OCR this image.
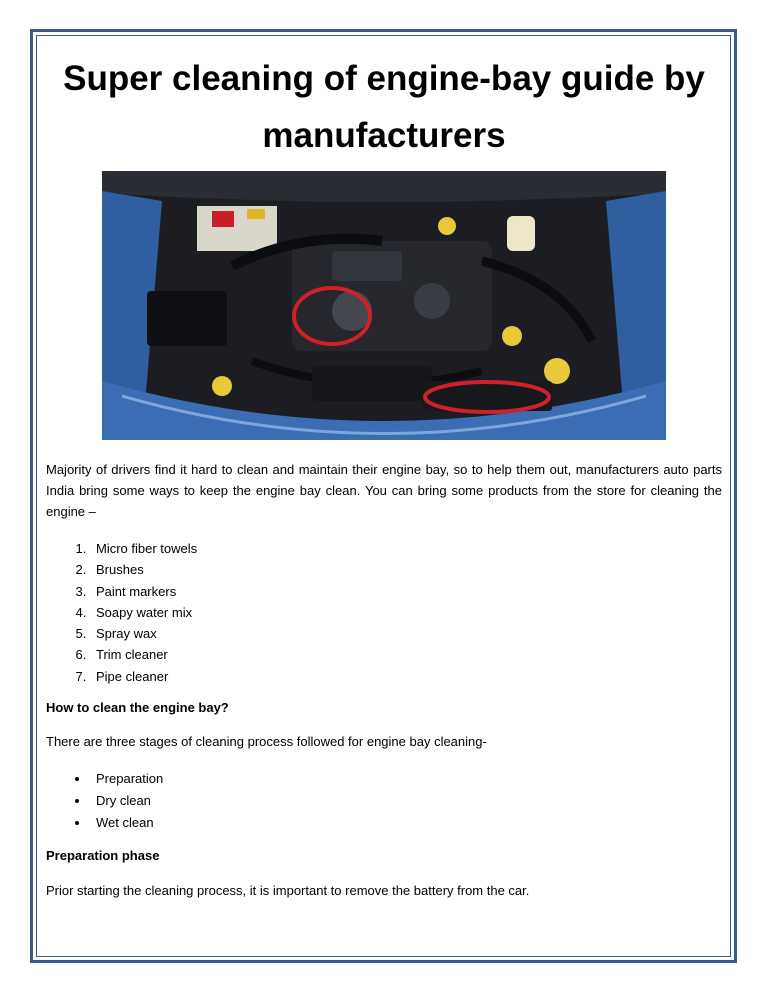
Super cleaning of engine-bay guide by manufacturers

Majority of drivers find it hard to clean and maintain their engine bay, so to help them out, manufacturers auto parts India bring some ways to keep the engine bay clean. You can bring some products from the store for cleaning the engine –

1. Micro fiber towels
2. Brushes
3. Paint markers
4. Soapy water mix
5. Spray wax
6. Trim cleaner
7. Pipe cleaner

How to clean the engine bay?

There are three stages of cleaning process followed for engine bay cleaning-

• Preparation
• Dry clean
• Wet clean

Preparation phase

Prior starting the cleaning process, it is important to remove the battery from the car.
